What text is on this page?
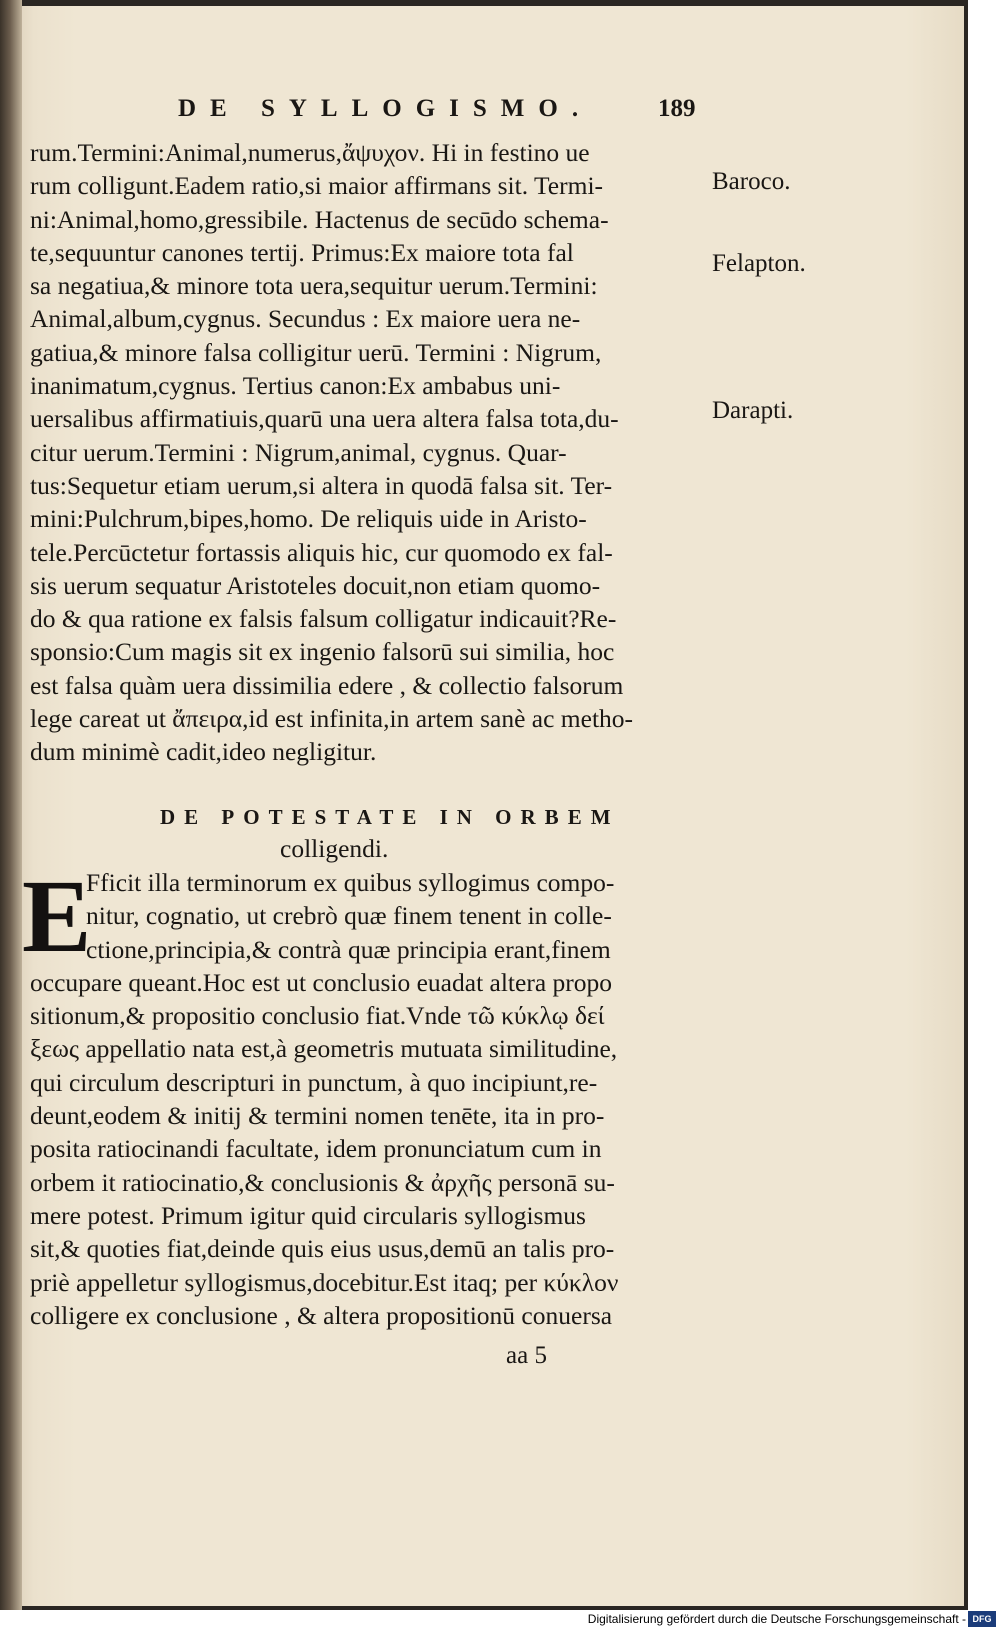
DE SYLLOGISMO.	189
Baroco.
Felapton.
Darapti.
rum.Termini:Animal,numerus,ἄψυχον. Hi in festino ue
rum colligunt.Eadem ratio,si maior affirmans sit. Termi-
ni:Animal,homo,gressibile. Hactenus de secūdo schema-
te,sequuntur canones tertij. Primus:Ex maiore tota fal
sa negatiua,& minore tota uera,sequitur uerum.Termini:
Animal,album,cygnus. Secundus : Ex maiore uera ne-
gatiua,& minore falsa colligitur uerū. Termini : Nigrum,
inanimatum,cygnus. Tertius canon:Ex ambabus uni-
uersalibus affirmatiuis,quarū una uera altera falsa tota,du-
citur uerum.Termini : Nigrum,animal, cygnus. Quar-
tus:Sequetur etiam uerum,si altera in quodā falsa sit. Ter-
mini:Pulchrum,bipes,homo. De reliquis uide in Aristo-
tele.Percūctetur fortassis aliquis hic, cur quomodo ex fal-
sis uerum sequatur Aristoteles docuit,non etiam quomo-
do & qua ratione ex falsis falsum colligatur indicauit?Re-
sponsio:Cum magis sit ex ingenio falsorū sui similia, hoc
est falsa quàm uera dissimilia edere , & collectio falsorum
lege careat ut ἄπειρα,id est infinita,in artem sanè ac metho-
dum minimè cadit,ideo negligitur.
DE POTESTATE IN ORBEM
colligendi.
E
Fficit illa terminorum ex quibus syllogimus compo-
nitur, cognatio, ut crebrò quæ finem tenent in colle-
ctione,principia,& contrà quæ principia erant,finem
occupare queant.Hoc est ut conclusio euadat altera propo
sitionum,& propositio conclusio fiat.Vnde τῶ κύκλῳ δεί
ξεως appellatio nata est,à geometris mutuata similitudine,
qui circulum descripturi in punctum, à quo incipiunt,re-
deunt,eodem & initij & termini nomen tenēte, ita in pro-
posita ratiocinandi facultate, idem pronunciatum cum in
orbem it ratiocinatio,& conclusionis & ἀρχῆς personā su-
mere potest. Primum igitur quid circularis syllogismus
sit,& quoties fiat,deinde quis eius usus,demū an talis pro-
priè appelletur syllogismus,docebitur.Est itaq; per κύκλον
colligere ex conclusione , & altera propositionū conuersa
aa 5
Digitalisierung gefördert durch die Deutsche Forschungsgemeinschaft - DFG
